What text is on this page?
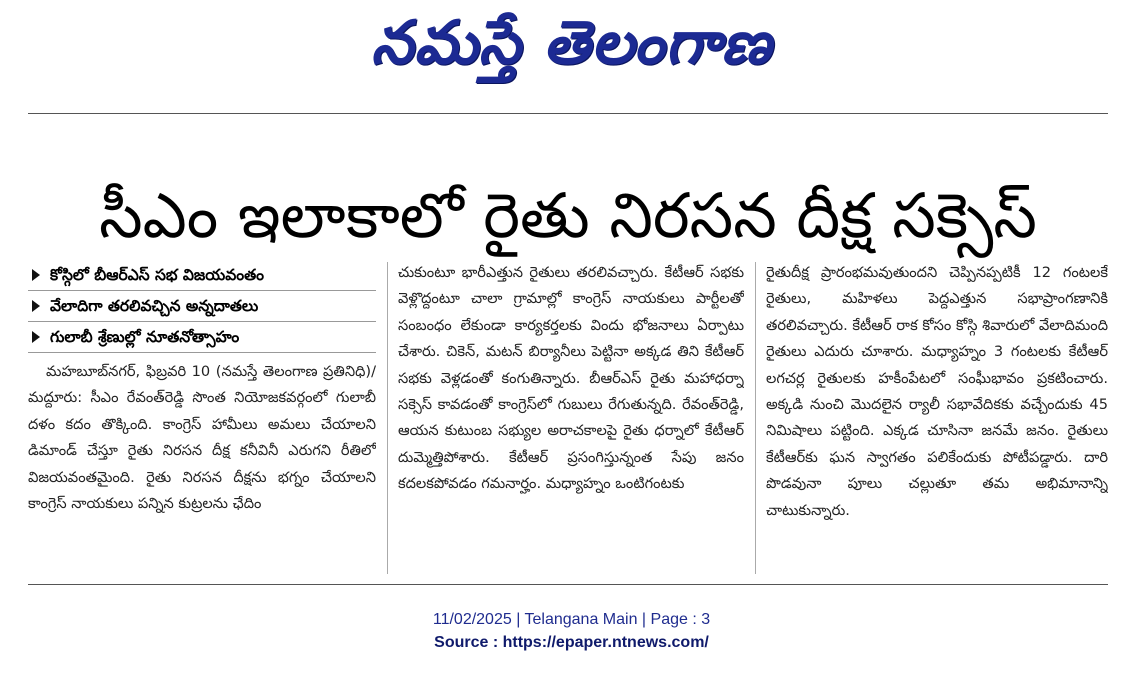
నమస్తే తెలంగాణ
సీఎం ఇలాకాలో రైతు నిరసన దీక్ష సక్సెస్
కోస్గిలో బీఆర్ఎస్ సభ విజయవంతం
వేలాదిగా తరలివచ్చిన అన్నదాతలు
గులాబీ శ్రేణుల్లో నూతనోత్సాహం

మహబూబ్‌నగర్, ఫిబ్రవరి 10 (నమస్తే తెలంగాణ ప్రతినిధి)/మద్దూరు: సీఎం రేవంత్‌రెడ్డి సొంత నియోజకవర్గంలో గులాబీ దళం కదం తొక్కింది. కాంగ్రెస్ హామీలు అమలు చేయాలని డిమాండ్ చేస్తూ రైతు నిరసన దీక్ష కనీవినీ ఎరుగని రీతిలో విజయవంతమైంది. రైతు నిరసన దీక్షను భగ్నం చేయాలని కాంగ్రెస్ నాయకులు పన్నిన కుట్రలను ఛేదిం

చుకుంటూ భారీఎత్తున రైతులు తరలివచ్చారు. కేటీఆర్ సభకు వెళ్లొద్దంటూ చాలా గ్రామాల్లో కాంగ్రెస్ నాయకులు పార్టీలతో సంబంధం లేకుండా కార్యకర్తలకు విందు భోజనాలు ఏర్పాటు చేశారు. చికెన్, మటన్ బిర్యానీలు పెట్టినా అక్కడ తిని కేటీఆర్ సభకు వెళ్లడంతో కంగుతిన్నారు. బీఆర్ఎస్ రైతు మహాధర్నా సక్సెస్ కావడంతో కాంగ్రెస్‌లో గుబులు రేగుతున్నది. రేవంత్‌రెడ్డి, ఆయన కుటుంబ సభ్యుల అరాచకాలపై రైతు ధర్నాలో కేటీఆర్ దుమ్మెత్తిపోశారు. కేటీఆర్ ప్రసంగిస్తున్నంత సేపు జనం కదలకపోవడం గమనార్హం. మధ్యాహ్నం ఒంటిగంటకు

రైతుదీక్ష ప్రారంభమవుతుందని చెప్పినప్పటికీ 12 గంటలకే రైతులు, మహిళలు పెద్దఎత్తున సభాప్రాంగణానికి తరలివచ్చారు. కేటీఆర్ రాక కోసం కోస్గి శివారులో వేలాదిమంది రైతులు ఎదురు చూశారు. మధ్యాహ్నం 3 గంటలకు కేటీఆర్ లగచర్ల రైతులకు హకీంపేటలో సంఘీభావం ప్రకటించారు. అక్కడి నుంచి మొదలైన ర్యాలీ సభావేదికకు వచ్చేందుకు 45 నిమిషాలు పట్టింది. ఎక్కడ చూసినా జనమే జనం. రైతులు కేటీఆర్‌కు ఘన స్వాగతం పలికేందుకు పోటీపడ్డారు. దారి పొడవునా పూలు చల్లుతూ తమ అభిమానాన్ని చాటుకున్నారు.

11/02/2025 | Telangana Main | Page : 3
Source : https://epaper.ntnews.com/
